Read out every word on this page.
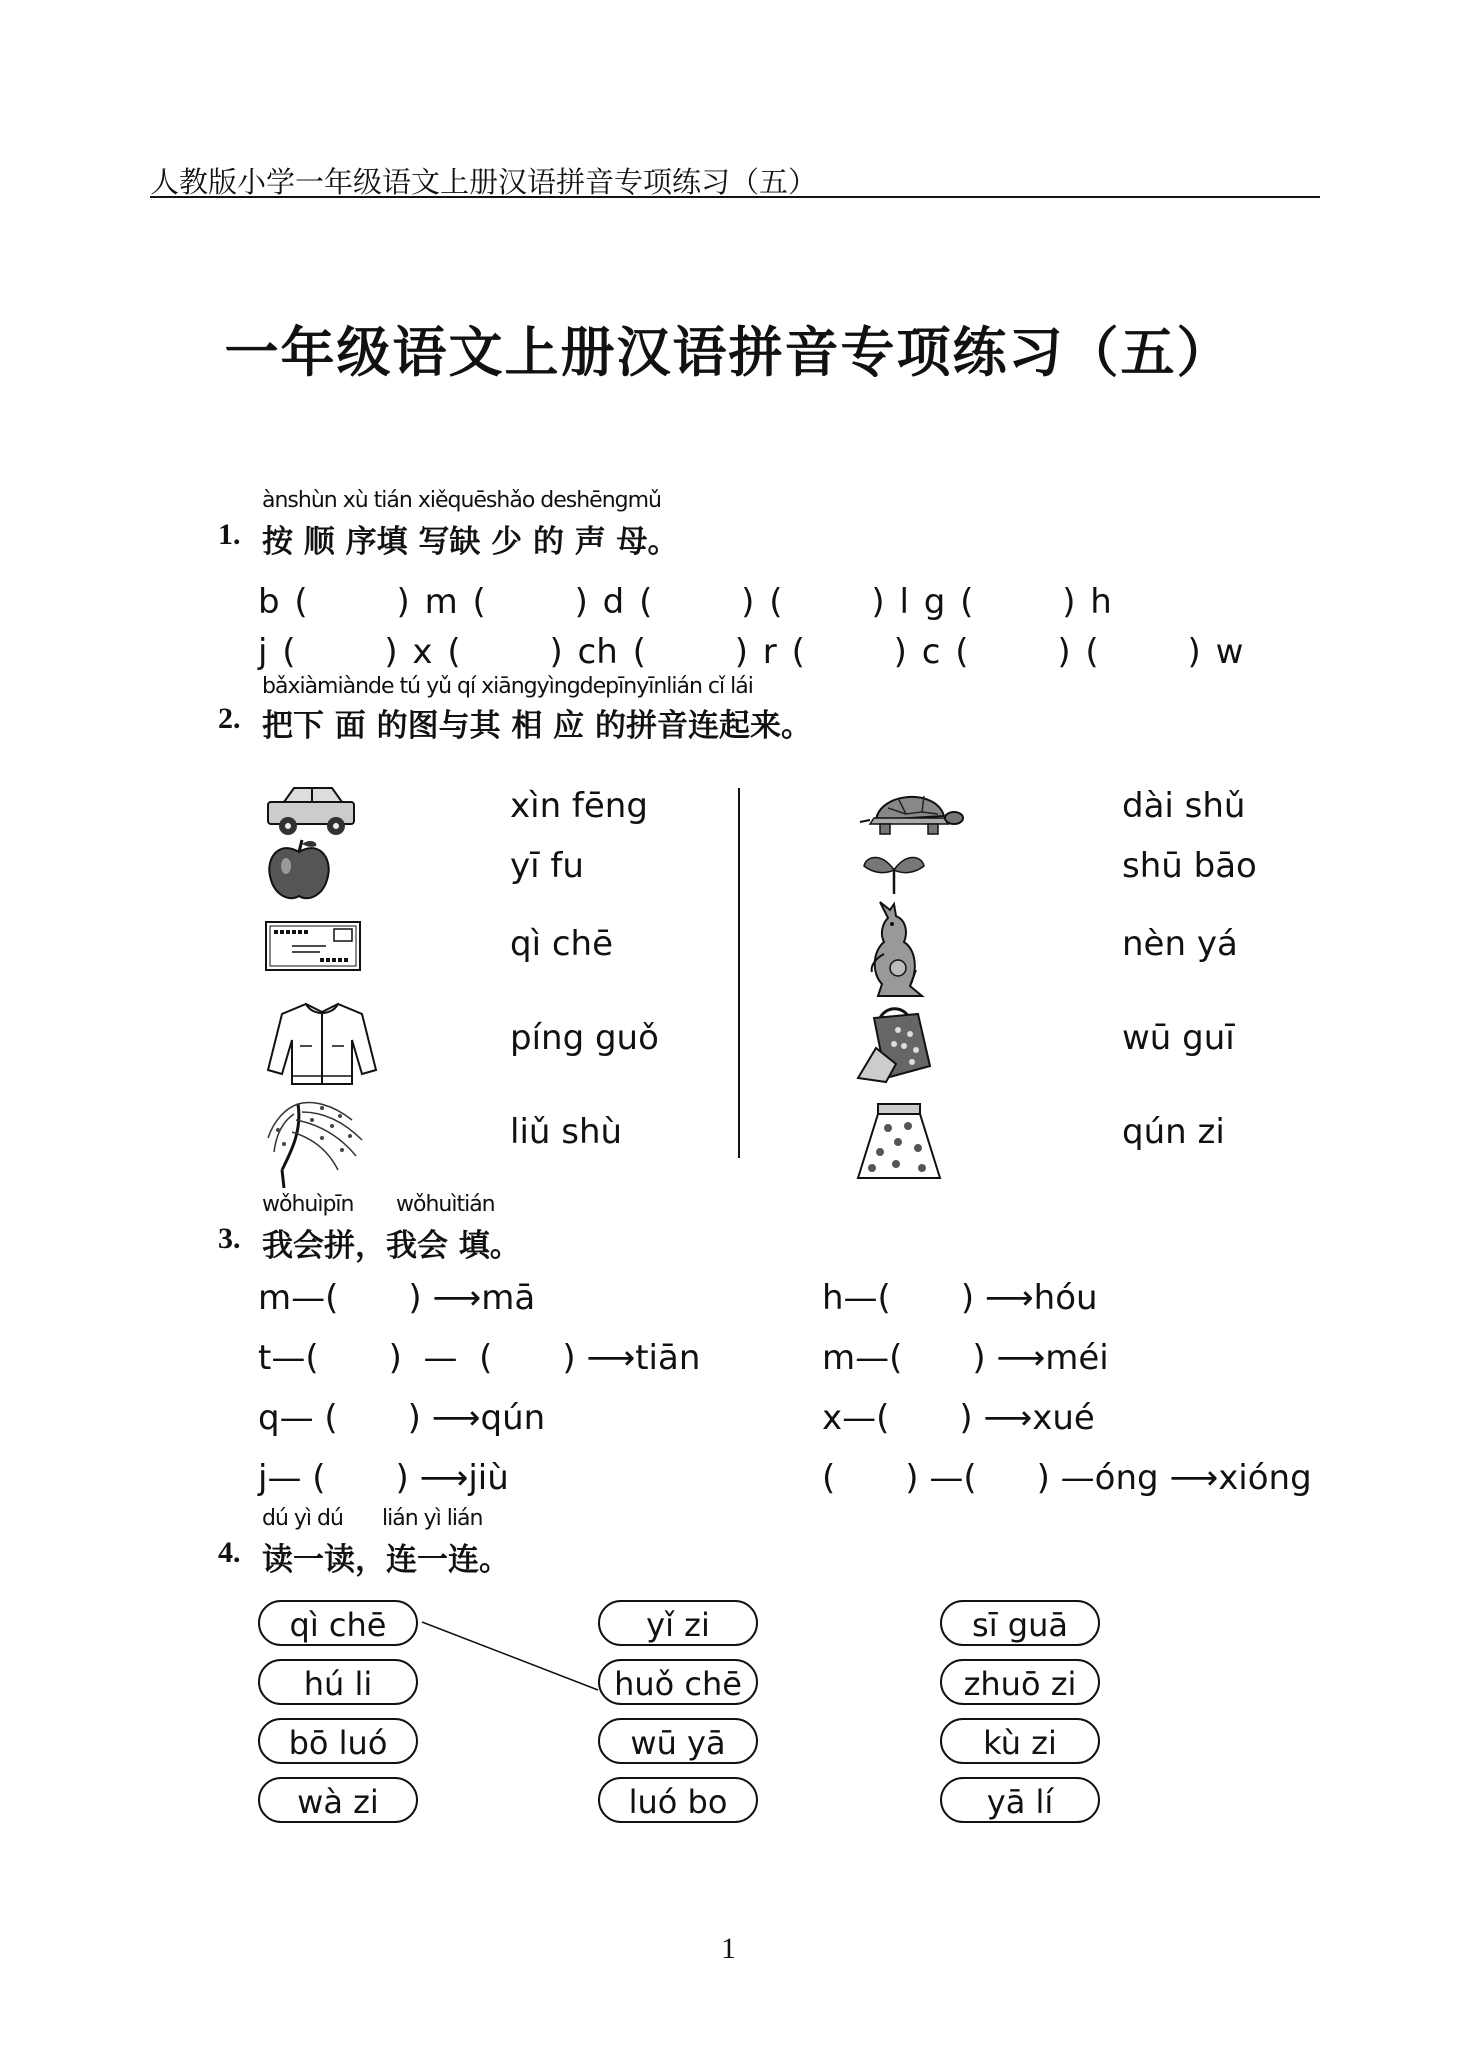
人教版小学一年级语文上册汉语拼音专项练习（五）
一年级语文上册汉语拼音专项练习（五）
ànshùn xù tián xiěquēshǎo deshēngmǔ
1. 按 顺 序填 写缺 少 的 声 母。
b (      ) m (      ) d (      ) (      ) l g (      ) h
j (      ) x (      ) ch (      ) r (      ) c (      ) (      ) w
bǎxiàmiànde tú yǔ qí xiāngyìngdepīnyīnlián cǐ lái
2. 把下 面 的图与其 相 应 的拼音连起来。
xìn fēng
yī fu
qì chē
píng guǒ
liǔ shù
dài shǔ
shū bāo
nèn yá
wū guī
qún zi
wǒhuìpīn wǒhuìtián
3. 我会拼，我会 填。
m—( ) ⟶mā
t—( )  —  ( ) ⟶tiān
q— ( ) ⟶qún
j— ( ) ⟶jiù
h—( ) ⟶hóu
m—( ) ⟶méi
x—( ) ⟶xué
( ) —( ) —óng ⟶xióng
dú yì dú lián yì lián
4. 读一读，连一连。
qì chē
hú li
bō luó
wà zi
yǐ zi
huǒ chē
wū yā
luó bo
sī guā
zhuō zi
kù zi
yā lí
1
